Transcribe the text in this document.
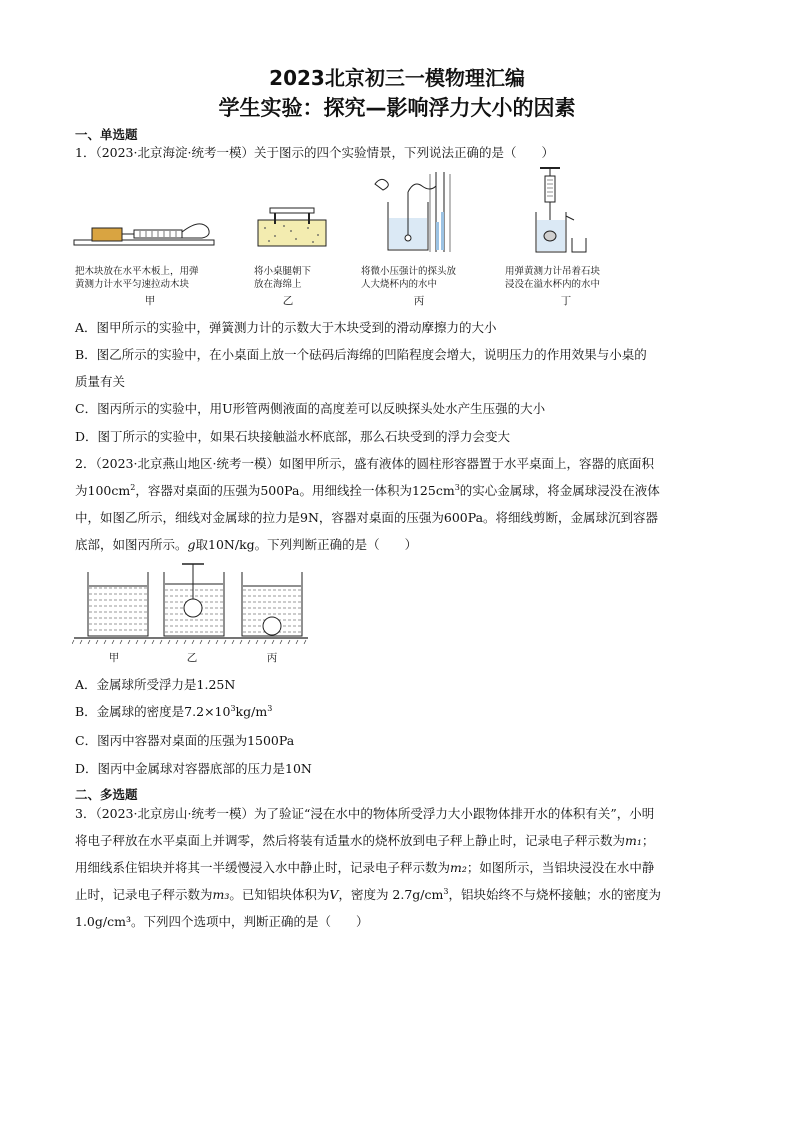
2023北京初三一模物理汇编
学生实验：探究—影响浮力大小的因素
一、单选题
1．（2023·北京海淀·统考一模）关于图示的四个实验情景，下列说法正确的是（　　）
把木块放在水平木板上，用弹
黄测力计水平匀速拉动木块
将小桌腿朝下
放在海绵上
将微小压强计的探头放
人大烧杯内的水中
用弹黄测力计吊着石块
浸没在溢水杯内的水中
甲	乙	丙	丁
A．图甲所示的实验中，弹簧测力计的示数大于木块受到的滑动摩擦力的大小
B．图乙所示的实验中，在小桌面上放一个砝码后海绵的凹陷程度会增大，说明压力的作用效果与小桌的
质量有关
C．图丙所示的实验中，用U形管两侧液面的高度差可以反映探头处水产生压强的大小
D．图丁所示的实验中，如果石块接触溢水杯底部，那么石块受到的浮力会变大
2．（2023·北京燕山地区·统考一模）如图甲所示，盛有液体的圆柱形容器置于水平桌面上，容器的底面积
为$100cm^2$，容器对桌面的压强为500Pa。用细线拴一体积为$125cm^3$的实心金属球，将金属球浸没在液体
中，如图乙所示，细线对金属球的拉力是9N，容器对桌面的压强为600Pa。将细线剪断，金属球沉到容器
底部，如图丙所示。g取10N/kg。下列判断正确的是（　　）
甲	乙	丙
A．金属球所受浮力是1.25N
B．金属球的密度是$7.2\times 10^3kg/m^3$
C．图丙中容器对桌面的压强为1500Pa
D．图丙中金属球对容器底部的压力是10N
二、多选题
3．（2023·北京房山·统考一模）为了验证“浸在水中的物体所受浮力大小跟物体排开水的体积有关”，小明
将电子秤放在水平桌面上并调零，然后将装有适量水的烧杯放到电子秤上静止时，记录电子秤示数为m₁；
用细线系住铝块并将其一半缓慢浸入水中静止时，记录电子秤示数为m₂；如图所示，当铝块浸没在水中静
止时，记录电子秤示数为m₃。已知铝块体积为V，密度为 $2.7g/cm^3$，铝块始终不与烧杯接触；水的密度为
1.0g/cm³。下列四个选项中，判断正确的是（　　）
